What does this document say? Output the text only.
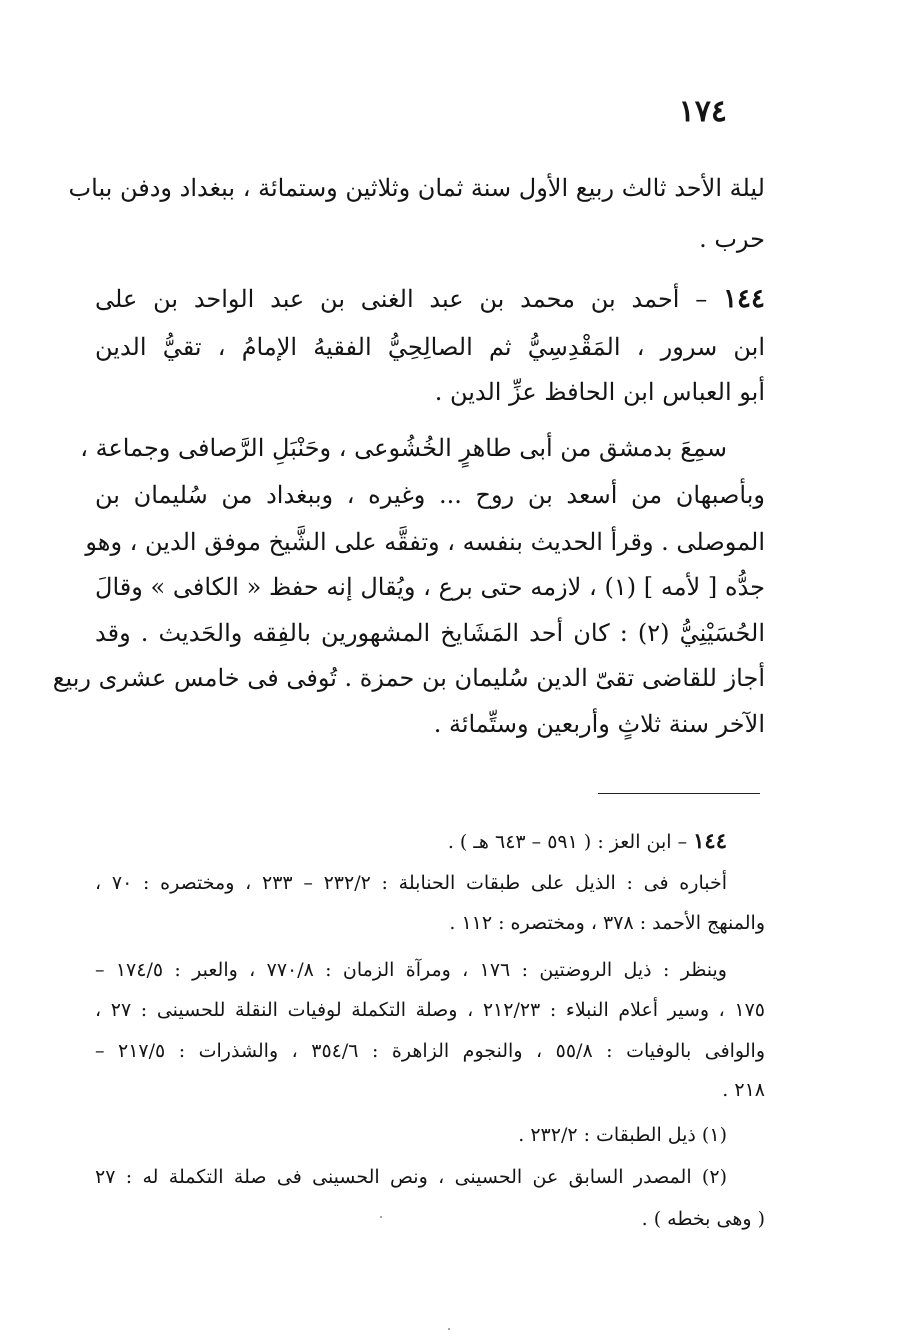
١٧٤
ليلة الأحد ثالث ربيع الأول سنة ثمان وثلاثين وستمائة ، ببغداد ودفن بباب
حرب .
١٤٤ – أحمد بن محمد بن عبد الغنى بن عبد الواحد بن على
ابن سرور ، المَقْدِسِيُّ ثم الصالِحِيُّ الفقيهُ الإمامُ ، تقيُّ الدين
أبو العباس ابن الحافظ عزِّ الدين .
سمِعَ بدمشق من أبى طاهرٍ الخُشُوعى ، وحَنْبَلِ الرَّصافى وجماعة ،
وبأصبهان من أسعد بن روح ... وغيره ، وببغداد من سُليمان بن
الموصلى . وقرأ الحديث بنفسه ، وتفقَّه على الشَّيخ موفق الدين ، وهو
جدُّه [ لأمه ] (١) ، لازمه حتى برع ، ويُقال إنه حفظ « الكافى » وقالَ
الحُسَيْنِيُّ (٢) : كان أحد المَشَايخ المشهورين بالفِقه والحَديث . وقد
أجاز للقاضى تقىّ الدين سُليمان بن حمزة . تُوفى فى خامس عشرى ربيع
الآخر سنة ثلاثٍ وأربعين وستِّمائة .
١٤٤ – ابن العز : ( ٥٩١ – ٦٤٣ هـ ) .
أخباره فى : الذيل على طبقات الحنابلة : ٢٣٢/٢ – ٢٣٣ ، ومختصره : ٧٠ ،
والمنهج الأحمد : ٣٧٨ ، ومختصره : ١١٢ .
وينظر : ذيل الروضتين : ١٧٦ ، ومرآة الزمان : ٧٧٠/٨ ، والعبر : ١٧٤/٥ –
١٧٥ ، وسير أعلام النبلاء : ٢١٢/٢٣ ، وصلة التكملة لوفيات النقلة للحسينى : ٢٧ ،
والوافى بالوفيات : ٥٥/٨ ، والنجوم الزاهرة : ٣٥٤/٦ ، والشذرات : ٢١٧/٥ –
٢١٨ .
(١) ذيل الطبقات : ٢٣٢/٢ .
(٢) المصدر السابق عن الحسينى ، ونص الحسينى فى صلة التكملة له : ٢٧
( وهى بخطه ) .
